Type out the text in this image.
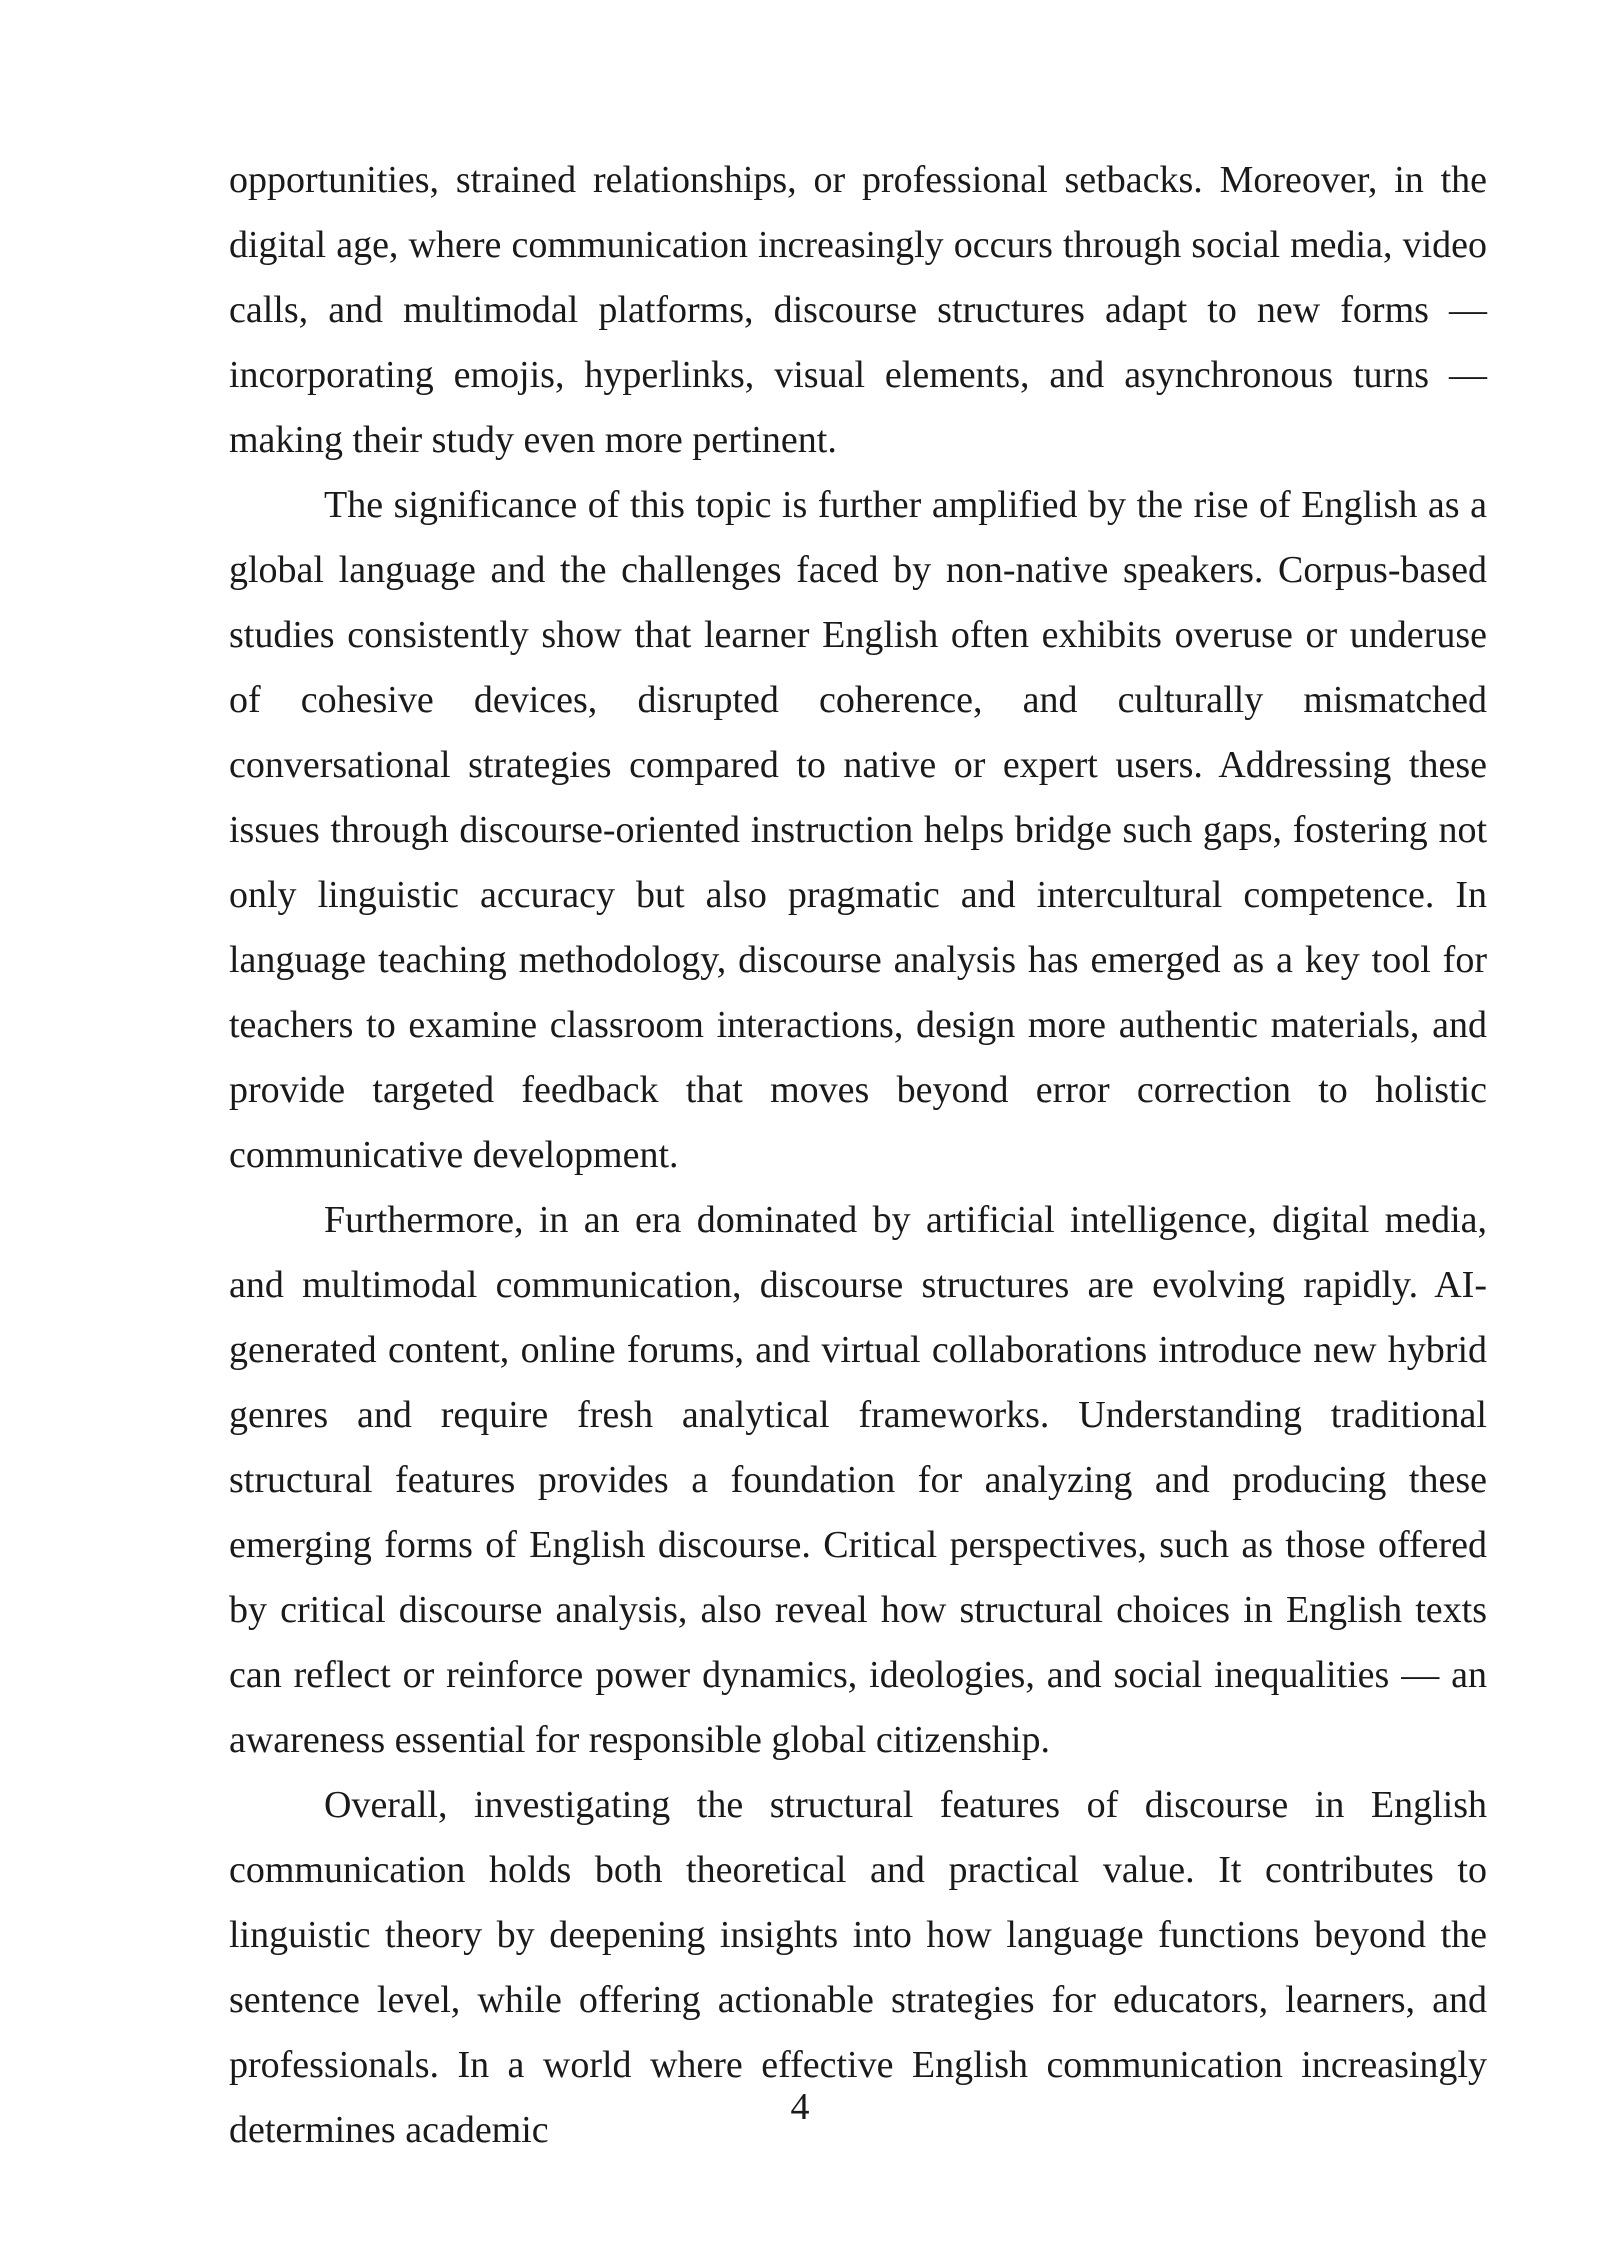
opportunities, strained relationships, or professional setbacks. Moreover, in the digital age, where communication increasingly occurs through social media, video calls, and multimodal platforms, discourse structures adapt to new forms — incorporating emojis, hyperlinks, visual elements, and asynchronous turns — making their study even more pertinent.

The significance of this topic is further amplified by the rise of English as a global language and the challenges faced by non-native speakers. Corpus-based studies consistently show that learner English often exhibits overuse or underuse of cohesive devices, disrupted coherence, and culturally mismatched conversational strategies compared to native or expert users. Addressing these issues through discourse-oriented instruction helps bridge such gaps, fostering not only linguistic accuracy but also pragmatic and intercultural competence. In language teaching methodology, discourse analysis has emerged as a key tool for teachers to examine classroom interactions, design more authentic materials, and provide targeted feedback that moves beyond error correction to holistic communicative development.

Furthermore, in an era dominated by artificial intelligence, digital media, and multimodal communication, discourse structures are evolving rapidly. AI-generated content, online forums, and virtual collaborations introduce new hybrid genres and require fresh analytical frameworks. Understanding traditional structural features provides a foundation for analyzing and producing these emerging forms of English discourse. Critical perspectives, such as those offered by critical discourse analysis, also reveal how structural choices in English texts can reflect or reinforce power dynamics, ideologies, and social inequalities — an awareness essential for responsible global citizenship.

Overall, investigating the structural features of discourse in English communication holds both theoretical and practical value. It contributes to linguistic theory by deepening insights into how language functions beyond the sentence level, while offering actionable strategies for educators, learners, and professionals. In a world where effective English communication increasingly determines academic

4
